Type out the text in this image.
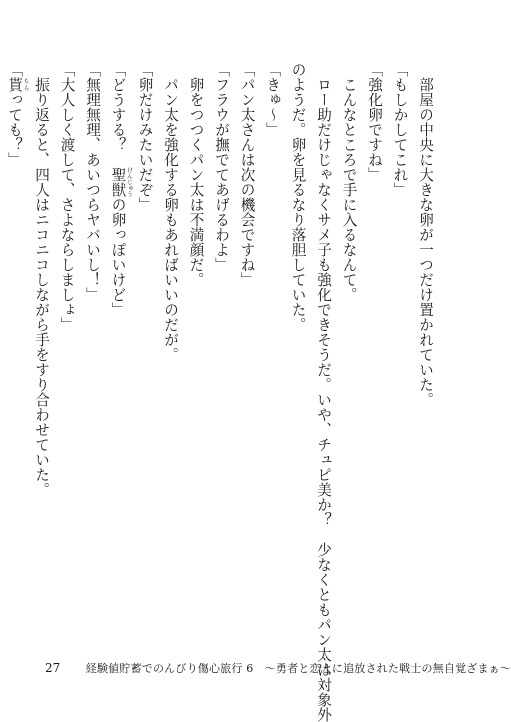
　部屋の中央に大きな卵が一つだけ置かれていた。
「もしかしてこれ」
「強化卵ですね」
　こんなところで手に入るなんて。
　ロー助だけじゃなくサメ子も強化できそうだ。いや、チュピ美か？　少なくともパン太は対象外
のようだ。卵を見るなり落胆していた。
「きゅ～」
「パン太さんは次の機会ですね」
「フラウが撫でてあげるわよ」
　卵をつつくパン太は不満顔だ。
　パン太を強化する卵もあればいいのだが。
「卵だけみたいだぞ」
「どうする？　聖獣 けんじゅうの卵っぽいけど」
「無理無理、あいつらヤバいし！」
「大人しく渡して、さよならしましょ」
　振り返ると、四人はニコニコしながら手をすり合わせていた。
「貰 もらっても？」
27 経験値貯蓄でのんびり傷心旅行 6　～勇者と恋人に追放された戦士の無自覚ざまぁ～
